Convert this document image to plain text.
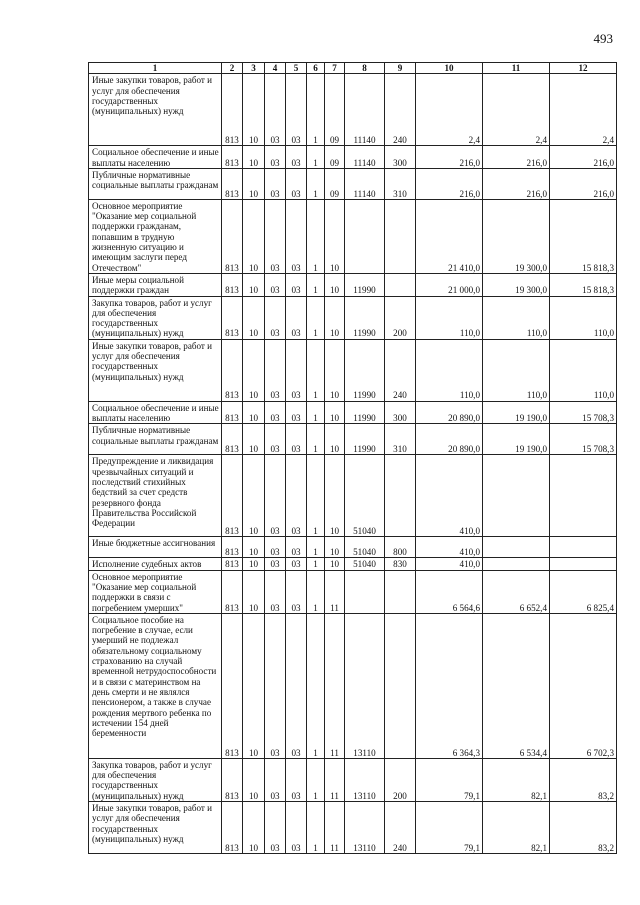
493
1	2	3	4	5	6	7	8	9	10	11	12
Иные закупки товаров, работ и услуг для обеспечения государственных (муниципальных) нужд	813	10	03	03	1	09	11140	240	2,4	2,4	2,4
Социальное обеспечение и иные выплаты населению	813	10	03	03	1	09	11140	300	216,0	216,0	216,0
Публичные нормативные социальные выплаты гражданам	813	10	03	03	1	09	11140	310	216,0	216,0	216,0
Основное мероприятие "Оказание мер социальной поддержки гражданам, попавшим в трудную жизненную ситуацию и имеющим заслуги перед Отечеством"	813	10	03	03	1	10			21 410,0	19 300,0	15 818,3
Иные меры социальной поддержки граждан	813	10	03	03	1	10	11990		21 000,0	19 300,0	15 818,3
Закупка товаров, работ и услуг для обеспечения государственных (муниципальных) нужд	813	10	03	03	1	10	11990	200	110,0	110,0	110,0
Иные закупки товаров, работ и услуг для обеспечения государственных (муниципальных) нужд	813	10	03	03	1	10	11990	240	110,0	110,0	110,0
Социальное обеспечение и иные выплаты населению	813	10	03	03	1	10	11990	300	20 890,0	19 190,0	15 708,3
Публичные нормативные социальные выплаты гражданам	813	10	03	03	1	10	11990	310	20 890,0	19 190,0	15 708,3
Предупреждение и ликвидация чрезвычайных ситуаций и последствий стихийных бедствий за счет средств резервного фонда Правительства Российской Федерации	813	10	03	03	1	10	51040		410,0		
Иные бюджетные ассигнования	813	10	03	03	1	10	51040	800	410,0		
Исполнение судебных актов	813	10	03	03	1	10	51040	830	410,0		
Основное мероприятие "Оказание мер социальной поддержки в связи с погребением умерших"	813	10	03	03	1	11			6 564,6	6 652,4	6 825,4
Социальное пособие на погребение в случае, если умерший не подлежал обязательному социальному страхованию на случай временной нетрудоспособности и в связи с материнством на день смерти и не являлся пенсионером, а также в случае рождения мертвого ребенка по истечении 154 дней беременности	813	10	03	03	1	11	13110		6 364,3	6 534,4	6 702,3
Закупка товаров, работ и услуг для обеспечения государственных (муниципальных) нужд	813	10	03	03	1	11	13110	200	79,1	82,1	83,2
Иные закупки товаров, работ и услуг для обеспечения государственных (муниципальных) нужд	813	10	03	03	1	11	13110	240	79,1	82,1	83,2
